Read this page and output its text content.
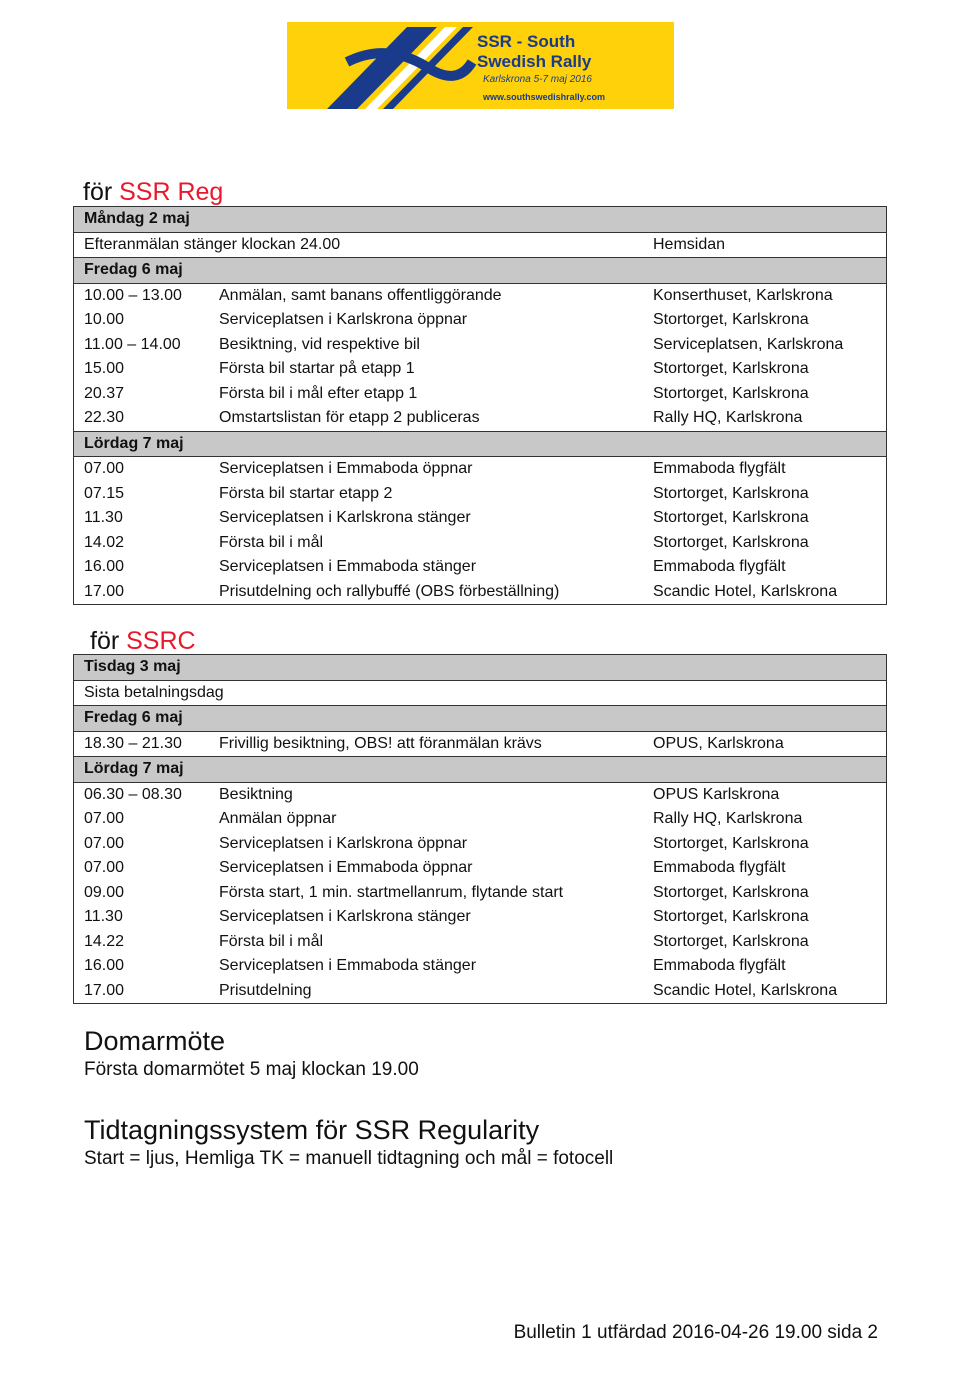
SSR - South
Swedish Rally
Karlskrona 5-7 maj 2016
www.southswedishrally.com
för SSR Reg
Måndag 2 maj		
Efteranmälan stänger klockan 24.00		Hemsidan
Fredag 6 maj		
10.00 – 13.00	Anmälan, samt banans offentliggörande	Konserthuset, Karlskrona
10.00	Serviceplatsen i Karlskrona öppnar	Stortorget, Karlskrona
11.00 – 14.00	Besiktning, vid respektive bil	Serviceplatsen, Karlskrona
15.00	Första bil startar på etapp 1	Stortorget, Karlskrona
20.37	Första bil i mål efter etapp 1	Stortorget, Karlskrona
22.30	Omstartslistan för etapp 2 publiceras	Rally HQ, Karlskrona
Lördag 7 maj		
07.00	Serviceplatsen i Emmaboda öppnar	Emmaboda flygfält
07.15	Första bil startar etapp 2	Stortorget, Karlskrona
11.30	Serviceplatsen i Karlskrona stänger	Stortorget, Karlskrona
14.02	Första bil i mål	Stortorget, Karlskrona
16.00	Serviceplatsen i Emmaboda stänger	Emmaboda flygfält
17.00	Prisutdelning och rallybuffé (OBS förbeställning)	Scandic Hotel, Karlskrona
för SSRC
Tisdag 3 maj		
Sista betalningsdag		
Fredag 6 maj		
18.30 – 21.30	Frivillig besiktning, OBS! att föranmälan krävs	OPUS, Karlskrona
Lördag 7 maj		
06.30 – 08.30	Besiktning	OPUS Karlskrona
07.00	Anmälan öppnar	Rally HQ, Karlskrona
07.00	Serviceplatsen i Karlskrona öppnar	Stortorget, Karlskrona
07.00	Serviceplatsen i Emmaboda öppnar	Emmaboda flygfält
09.00	Första start, 1 min. startmellanrum, flytande start	Stortorget, Karlskrona
11.30	Serviceplatsen i Karlskrona stänger	Stortorget, Karlskrona
14.22	Första bil i mål	Stortorget, Karlskrona
16.00	Serviceplatsen i Emmaboda stänger	Emmaboda flygfält
17.00	Prisutdelning	Scandic Hotel, Karlskrona
Domarmöte
Första domarmötet 5 maj klockan 19.00
Tidtagningssystem för SSR Regularity
Start = ljus, Hemliga TK = manuell tidtagning och mål = fotocell
Bulletin 1 utfärdad 2016-04-26 19.00 sida 2
